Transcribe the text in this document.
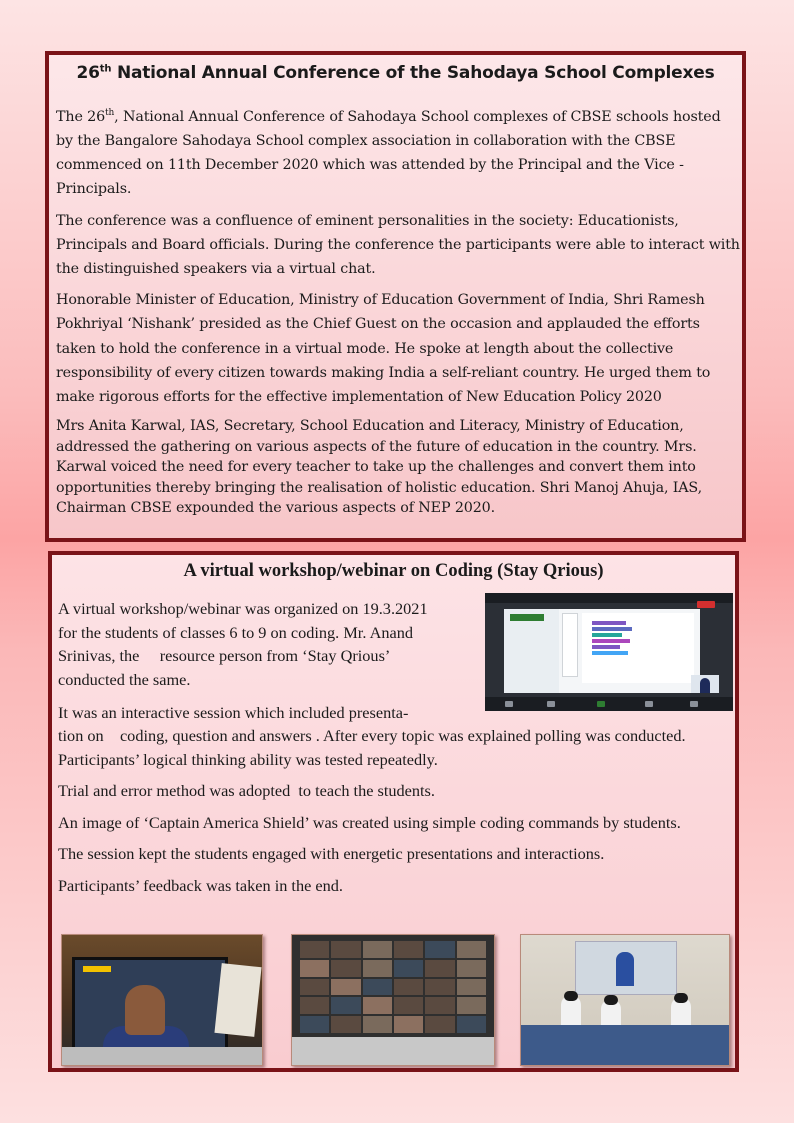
26th National Annual Conference of the Sahodaya School Complexes

The 26th, National Annual Conference of Sahodaya School complexes of CBSE schools hosted by the Bangalore Sahodaya School complex association in collaboration with the CBSE commenced on 11th December 2020 which was attended by the Principal and the Vice -Principals.

The conference was a confluence of eminent personalities in the society: Educationists, Principals and Board officials. During the conference the participants were able to interact with the distinguished speakers via a virtual chat.

Honorable Minister of Education, Ministry of Education Government of India, Shri Ramesh Pokhriyal ‘Nishank’ presided as the Chief Guest on the occasion and applauded the efforts taken to hold the conference in a virtual mode. He spoke at length about the collective responsibility of every citizen towards making India a self-reliant country. He urged them to make rigorous efforts for the effective implementation of New Education Policy 2020

Mrs Anita Karwal, IAS, Secretary, School Education and Literacy, Ministry of Education, addressed the gathering on various aspects of the future of education in the country. Mrs. Karwal voiced the need for every teacher to take up the challenges and convert them into opportunities thereby bringing the realisation of holistic education. Shri Manoj Ahuja, IAS, Chairman CBSE expounded the various aspects of NEP 2020.

A virtual workshop/webinar on Coding (Stay Qrious)

A virtual workshop/webinar was organized on 19.3.2021

for the students of classes 6 to 9 on coding. Mr. Anand

Srinivas, the     resource person from ‘Stay Qrious’

conducted the same.

It was an interactive session which included presenta-

tion on    coding, question and answers . After every topic was explained polling was conducted. Participants’ logical thinking ability was tested repeatedly.

Trial and error method was adopted  to teach the students.

An image of ‘Captain America Shield’ was created using simple coding commands by students.

The session kept the students engaged with energetic presentations and interactions.

Participants’ feedback was taken in the end.
